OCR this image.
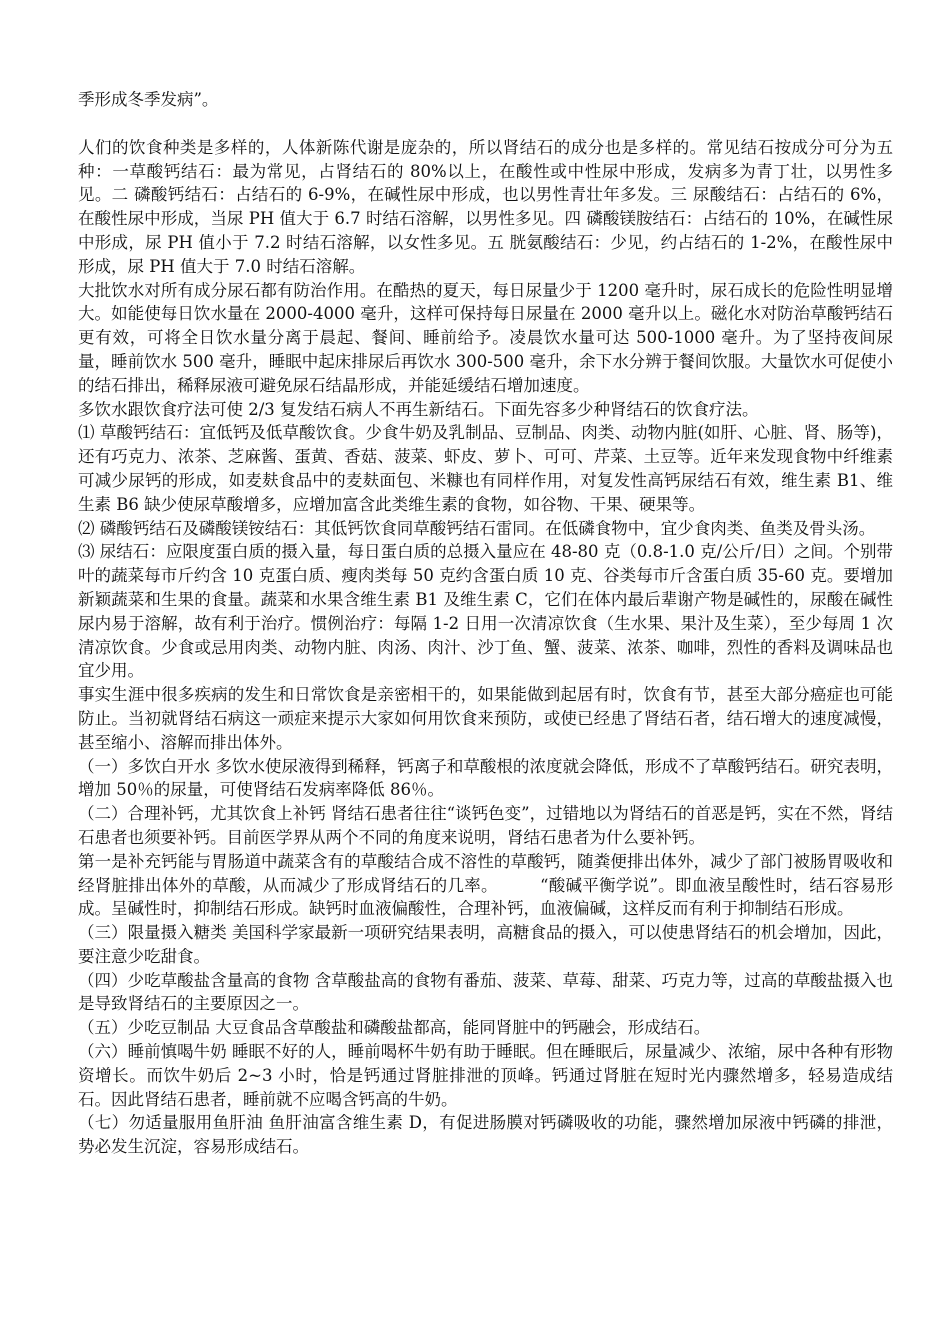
季形成冬季发病”。

人们的饮食种类是多样的，人体新陈代谢是庞杂的，所以肾结石的成分也是多样的。常见结石按成分可分为五种：一草酸钙结石：最为常见，占肾结石的 80%以上，在酸性或中性尿中形成，发病多为青丁壮，以男性多见。二 磷酸钙结石：占结石的 6-9%，在碱性尿中形成，也以男性青壮年多发。三 尿酸结石：占结石的 6%，在酸性尿中形成，当尿 PH 值大于 6.7 时结石溶解，以男性多见。四 磷酸镁胺结石：占结石的 10%，在碱性尿中形成，尿 PH 值小于 7.2 时结石溶解，以女性多见。五 胱氨酸结石：少见，约占结石的 1-2%，在酸性尿中形成，尿 PH 值大于 7.0 时结石溶解。

大批饮水对所有成分尿石都有防治作用。在酷热的夏天，每日尿量少于 1200 毫升时，尿石成长的危险性明显增大。如能使每日饮水量在 2000-4000 毫升，这样可保持每日尿量在 2000 毫升以上。磁化水对防治草酸钙结石更有效，可将全日饮水量分离于晨起、餐间、睡前给予。凌晨饮水量可达 500-1000 毫升。为了坚持夜间尿量，睡前饮水 500 毫升，睡眠中起床排尿后再饮水 300-500 毫升，余下水分辨于餐间饮服。大量饮水可促使小的结石排出，稀释尿液可避免尿石结晶形成，并能延缓结石增加速度。

多饮水跟饮食疗法可使 2/3 复发结石病人不再生新结石。下面先容多少种肾结石的饮食疗法。

⑴ 草酸钙结石：宜低钙及低草酸饮食。少食牛奶及乳制品、豆制品、肉类、动物内脏(如肝、心脏、肾、肠等)，还有巧克力、浓茶、芝麻酱、蛋黄、香菇、菠菜、虾皮、萝卜、可可、芹菜、土豆等。近年来发现食物中纤维素可减少尿钙的形成，如麦麸食品中的麦麸面包、米糠也有同样作用，对复发性高钙尿结石有效，维生素 B1、维生素 B6 缺少使尿草酸增多，应增加富含此类维生素的食物，如谷物、干果、硬果等。

⑵ 磷酸钙结石及磷酸镁铵结石：其低钙饮食同草酸钙结石雷同。在低磷食物中，宜少食肉类、鱼类及骨头汤。

⑶ 尿结石：应限度蛋白质的摄入量，每日蛋白质的总摄入量应在 48-80 克（0.8-1.0 克/公斤/日）之间。个别带叶的蔬菜每市斤约含 10 克蛋白质、瘦肉类每 50 克约含蛋白质 10 克、谷类每市斤含蛋白质 35-60 克。要增加新颖蔬菜和生果的食量。蔬菜和水果含维生素 B1 及维生素 C，它们在体内最后辈谢产物是碱性的，尿酸在碱性尿内易于溶解，故有利于治疗。惯例治疗：每隔 1-2 日用一次清凉饮食（生水果、果汁及生菜），至少每周 1 次清凉饮食。少食或忌用肉类、动物内脏、肉汤、肉汁、沙丁鱼、蟹、菠菜、浓茶、咖啡，烈性的香料及调味品也宜少用。

事实生涯中很多疾病的发生和日常饮食是亲密相干的，如果能做到起居有时，饮食有节，甚至大部分癌症也可能防止。当初就肾结石病这一顽症来提示大家如何用饮食来预防，或使已经患了肾结石者，结石增大的速度减慢，甚至缩小、溶解而排出体外。

（一）多饮白开水 多饮水使尿液得到稀释，钙离子和草酸根的浓度就会降低，形成不了草酸钙结石。研究表明，增加 50％的尿量，可使肾结石发病率降低 86％。

（二）合理补钙，尤其饮食上补钙 肾结石患者往往“谈钙色变”，过错地以为肾结石的首恶是钙，实在不然，肾结石患者也须要补钙。目前医学界从两个不同的角度来说明，肾结石患者为什么要补钙。

第一是补充钙能与胃肠道中蔬菜含有的草酸结合成不溶性的草酸钙，随粪便排出体外，减少了部门被肠胃吸收和经肾脏排出体外的草酸，从而减少了形成肾结石的几率。　　　“酸碱平衡学说”。即血液呈酸性时，结石容易形成。呈碱性时，抑制结石形成。缺钙时血液偏酸性，合理补钙，血液偏碱，这样反而有利于抑制结石形成。

（三）限量摄入糖类 美国科学家最新一项研究结果表明，高糖食品的摄入，可以使患肾结石的机会增加，因此，要注意少吃甜食。

（四）少吃草酸盐含量高的食物 含草酸盐高的食物有番茄、菠菜、草莓、甜菜、巧克力等，过高的草酸盐摄入也是导致肾结石的主要原因之一。

（五）少吃豆制品 大豆食品含草酸盐和磷酸盐都高，能同肾脏中的钙融会，形成结石。

（六）睡前慎喝牛奶 睡眠不好的人，睡前喝杯牛奶有助于睡眠。但在睡眠后，尿量减少、浓缩，尿中各种有形物资增长。而饮牛奶后 2~3 小时，恰是钙通过肾脏排泄的顶峰。钙通过肾脏在短时光内骤然增多，轻易造成结石。因此肾结石患者，睡前就不应喝含钙高的牛奶。

（七）勿适量服用鱼肝油 鱼肝油富含维生素 D，有促进肠膜对钙磷吸收的功能，骤然增加尿液中钙磷的排泄，势必发生沉淀，容易形成结石。
